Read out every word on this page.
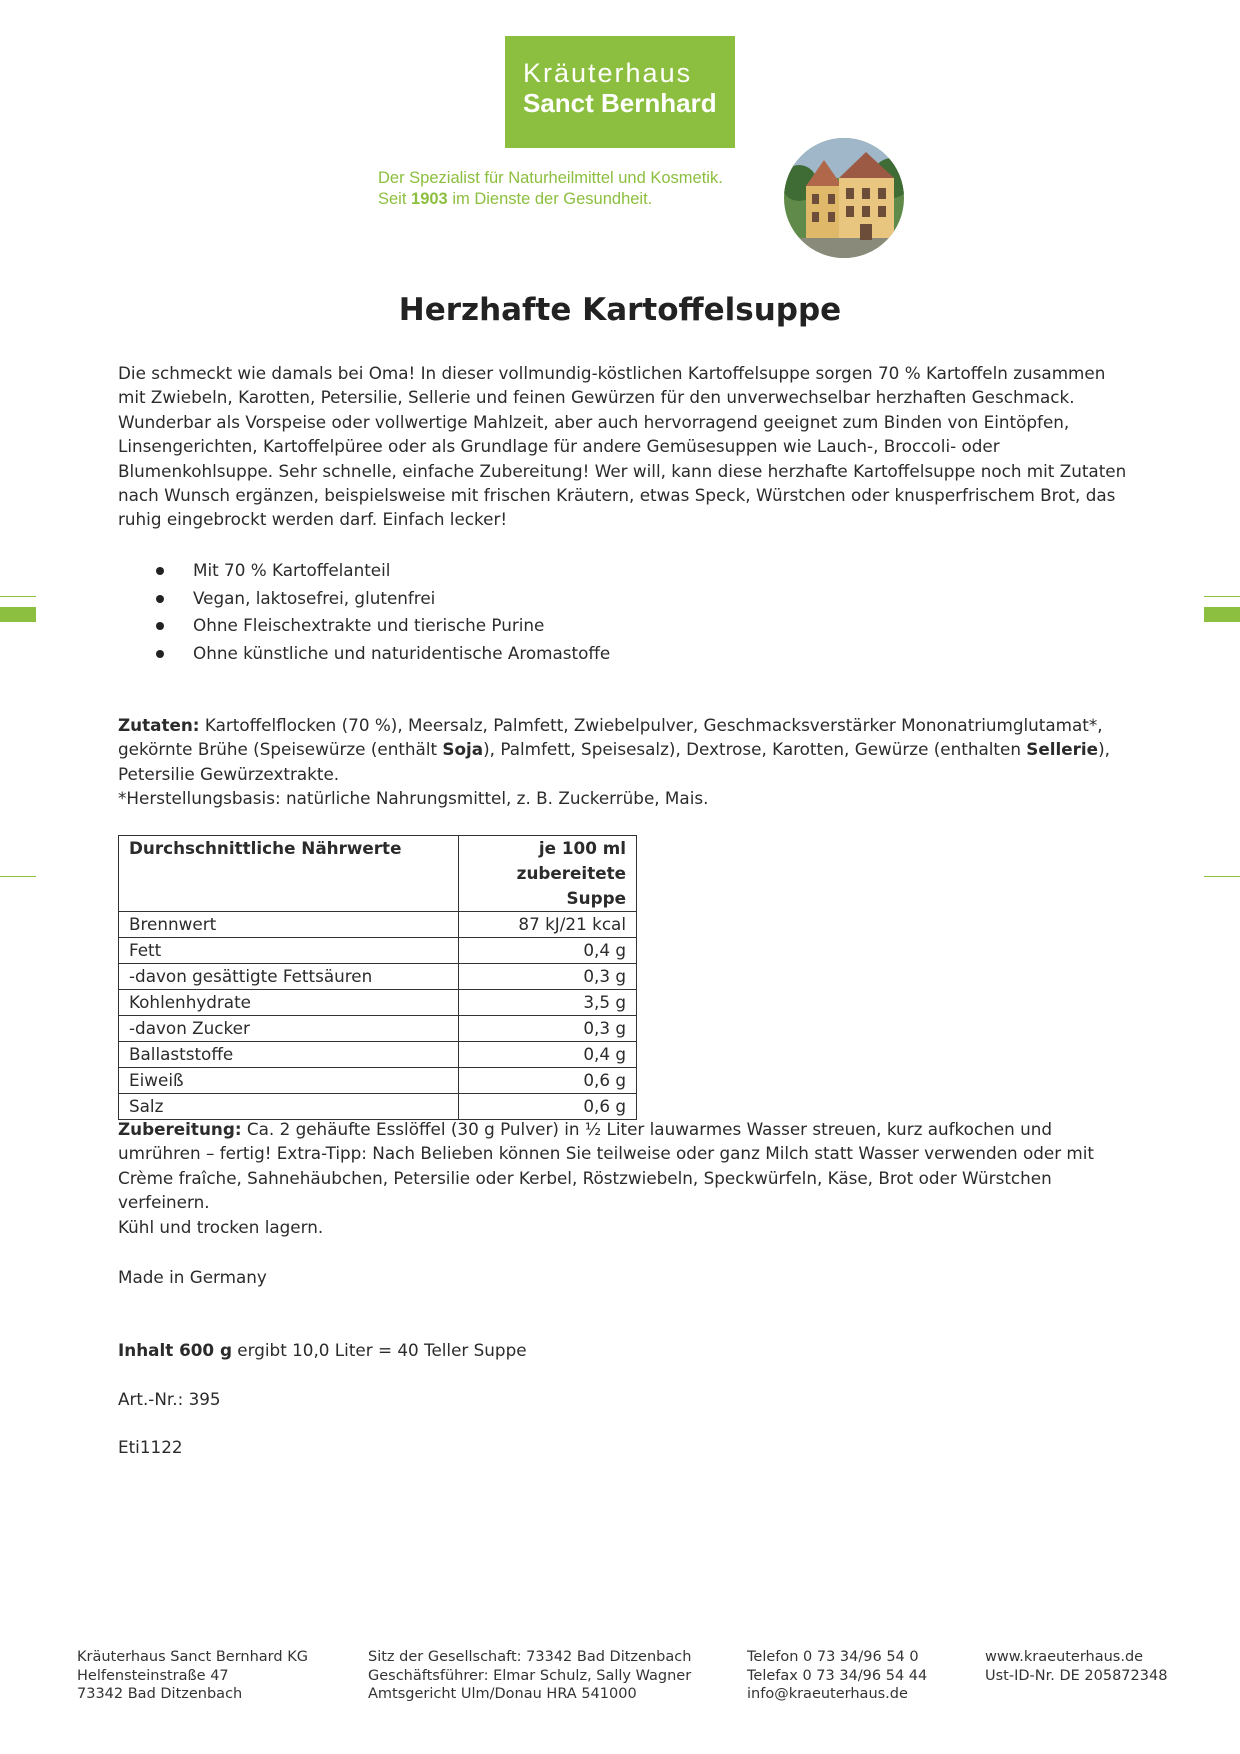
Kräuterhaus
Sanct Bernhard
Der Spezialist für Naturheilmittel und Kosmetik.
Seit 1903 im Dienste der Gesundheit.
Herzhafte Kartoffelsuppe

Die schmeckt wie damals bei Oma! In dieser vollmundig-köstlichen Kartoffelsuppe sorgen 70 % Kartoffeln zusammen mit Zwiebeln, Karotten, Petersilie, Sellerie und feinen Gewürzen für den unverwechselbar herzhaften Geschmack. Wunderbar als Vorspeise oder vollwertige Mahlzeit, aber auch hervorragend geeignet zum Binden von Eintöpfen, Linsengerichten, Kartoffelpüree oder als Grundlage für andere Gemüsesuppen wie Lauch-, Broccoli- oder Blumenkohlsuppe. Sehr schnelle, einfache Zubereitung! Wer will, kann diese herzhafte Kartoffelsuppe noch mit Zutaten nach Wunsch ergänzen, beispielsweise mit frischen Kräutern, etwas Speck, Würstchen oder knusperfrischem Brot, das ruhig eingebrockt werden darf. Einfach lecker!

Mit 70 % Kartoffelanteil
Vegan, laktosefrei, glutenfrei
Ohne Fleischextrakte und tierische Purine
Ohne künstliche und naturidentische Aromastoffe
Zutaten: Kartoffelflocken (70 %), Meersalz, Palmfett, Zwiebelpulver, Geschmacksverstärker Mononatriumglutamat*, gekörnte Brühe (Speisewürze (enthält Soja), Palmfett, Speisesalz), Dextrose, Karotten, Gewürze (enthalten Sellerie), Petersilie Gewürzextrakte.
*Herstellungsbasis: natürliche Nahrungsmittel, z. B. Zuckerrübe, Mais.
Durchschnittliche Nährwerte	je 100 ml
zubereitete Suppe

Brennwert	87 kJ/21 kcal
Fett	0,4 g
-davon gesättigte Fettsäuren	0,3 g
Kohlenhydrate	3,5 g
-davon Zucker	0,3 g
Ballaststoffe	0,4 g
Eiweiß	0,6 g
Salz	0,6 g

Zubereitung: Ca. 2 gehäufte Esslöffel (30 g Pulver) in ½ Liter lauwarmes Wasser streuen, kurz aufkochen und umrühren – fertig! Extra-Tipp: Nach Belieben können Sie teilweise oder ganz Milch statt Wasser verwenden oder mit Crème fraîche, Sahnehäubchen, Petersilie oder Kerbel, Röstzwiebeln, Speckwürfeln, Käse, Brot oder Würstchen verfeinern.

Kühl und trocken lagern.

Made in Germany

Inhalt 600 g ergibt 10,0 Liter = 40 Teller Suppe

Art.-Nr.: 395

Eti1122

Kräuterhaus Sanct Bernhard KG
Helfensteinstraße 47
73342 Bad Ditzenbach
Sitz der Gesellschaft: 73342 Bad Ditzenbach
Geschäftsführer: Elmar Schulz, Sally Wagner
Amtsgericht Ulm/Donau HRA 541000
Telefon 0 73 34/96 54 0
Telefax 0 73 34/96 54 44
info@kraeuterhaus.de
www.kraeuterhaus.de
Ust-ID-Nr. DE 205872348
